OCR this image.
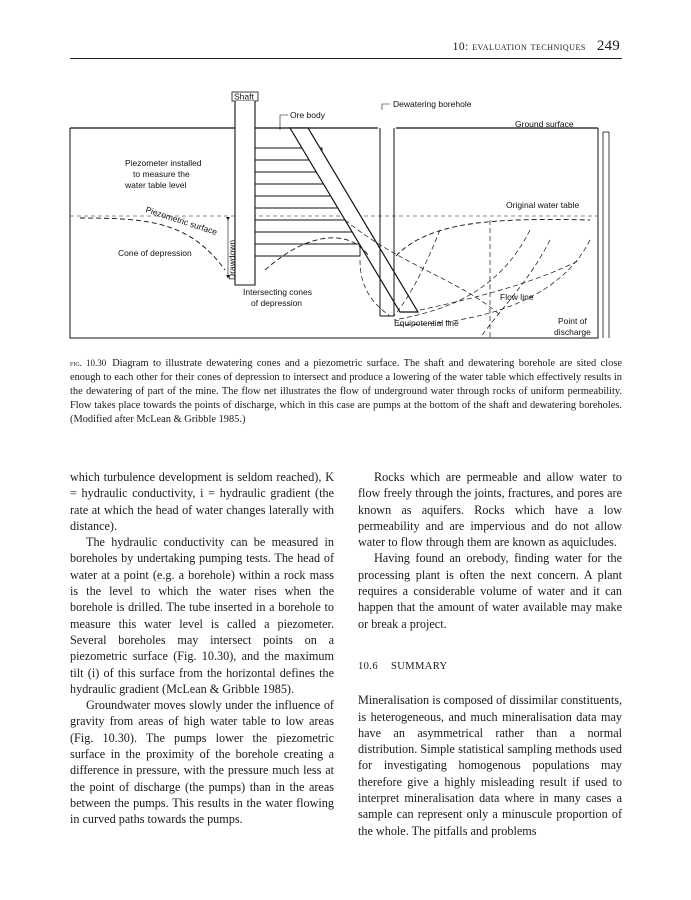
10: evaluation techniques 249
Shaft
Ore body
Dewatering borehole
Ground surface
Piezometer installed
to measure the
water table level
Piezometric surface
Drawdown
Cone of depression
Original water table
Intersecting cones
of depression
Flow line
Equipotential line	Point of
discharge
fig. 10.30 Diagram to illustrate dewatering cones and a piezometric surface. The shaft and dewatering borehole are sited close enough to each other for their cones of depression to intersect and produce a lowering of the water table which effectively results in the dewatering of part of the mine. The flow net illustrates the flow of underground water through rocks of uniform permeability. Flow takes place towards the points of discharge, which in this case are pumps at the bottom of the shaft and dewatering boreholes. (Modified after McLean & Gribble 1985.)

which turbulence development is seldom reached), K = hydraulic conductivity, i = hydraulic gradient (the rate at which the head of water changes laterally with distance).

The hydraulic conductivity can be measured in boreholes by undertaking pumping tests. The head of water at a point (e.g. a borehole) within a rock mass is the level to which the water rises when the borehole is drilled. The tube inserted in a borehole to measure this water level is called a piezometer. Several boreholes may intersect points on a piezometric surface (Fig. 10.30), and the maximum tilt (i) of this surface from the horizontal defines the hydraulic gradient (McLean & Gribble 1985).

Groundwater moves slowly under the influence of gravity from areas of high water table to low areas (Fig. 10.30). The pumps lower the piezometric surface in the proximity of the borehole creating a difference in pressure, with the pressure much less at the point of discharge (the pumps) than in the areas between the pumps. This results in the water flowing in curved paths towards the pumps.

Rocks which are permeable and allow water to flow freely through the joints, fractures, and pores are known as aquifers. Rocks which have a low permeability and are impervious and do not allow water to flow through them are known as aquicludes.

Having found an orebody, finding water for the processing plant is often the next concern. A plant requires a considerable volume of water and it can happen that the amount of water available may make or break a project.

10.6 SUMMARY

Mineralisation is composed of dissimilar constituents, is heterogeneous, and much mineralisation data may have an asymmetrical rather than a normal distribution. Simple statistical sampling methods used for investigating homogenous populations may therefore give a highly misleading result if used to interpret mineralisation data where in many cases a sample can represent only a minuscule proportion of the whole. The pitfalls and problems
